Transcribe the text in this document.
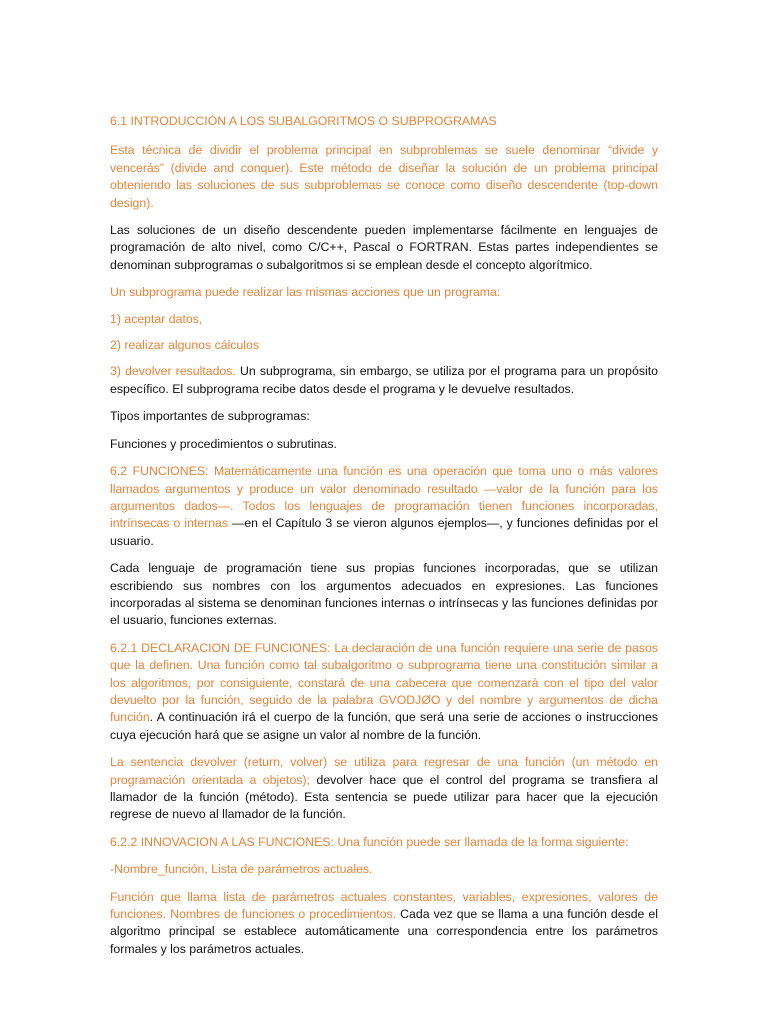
6.1 INTRODUCCIÓN A LOS SUBALGORITMOS O SUBPROGRAMAS

Esta técnica de dividir el problema principal en subproblemas se suele denominar “divide y vencerás” (divide and conquer). Este método de diseñar la solución de un problema principal obteniendo las soluciones de sus subproblemas se conoce como diseño descendente (top-down design).

Las soluciones de un diseño descendente pueden implementarse fácilmente en lenguajes de programación de alto nivel, como C/C++, Pascal o FORTRAN. Estas partes independientes se denominan subprogramas o subalgoritmos si se emplean desde el concepto algorítmico.

Un subprograma puede realizar las mismas acciones que un programa:

1) aceptar datos,

2) realizar algunos cálculos

3) devolver resultados. Un subprograma, sin embargo, se utiliza por el programa para un propósito específico. El subprograma recibe datos desde el programa y le devuelve resultados.

Tipos importantes de subprogramas:

Funciones y procedimientos o subrutinas.

6.2 FUNCIONES: Matemáticamente una función es una operación que toma uno o más valores llamados argumentos y produce un valor denominado resultado —valor de la función para los argumentos dados—. Todos los lenguajes de programación tienen funciones incorporadas, intrínsecas o internas —en el Capítulo 3 se vieron algunos ejemplos—, y funciones definidas por el usuario.

Cada lenguaje de programación tiene sus propias funciones incorporadas, que se utilizan escribiendo sus nombres con los argumentos adecuados en expresiones. Las funciones incorporadas al sistema se denominan funciones internas o intrínsecas y las funciones definidas por el usuario, funciones externas.

6.2.1 DECLARACION DE FUNCIONES: La declaración de una función requiere una serie de pasos que la definen. Una función como tal subalgoritmo o subprograma tiene una constitución similar a los algoritmos, por consiguiente, constará de una cabecera que comenzará con el tipo del valor devuelto por la función, seguido de la palabra GVODJØO y del nombre y argumentos de dicha función. A continuación irá el cuerpo de la función, que será una serie de acciones o instrucciones cuya ejecución hará que se asigne un valor al nombre de la función.

La sentencia devolver (return, volver) se utiliza para regresar de una función (un método en programación orientada a objetos); devolver hace que el control del programa se transfiera al llamador de la función (método). Esta sentencia se puede utilizar para hacer que la ejecución regrese de nuevo al llamador de la función.

6.2.2 INNOVACION A LAS FUNCIONES: Una función puede ser llamada de la forma siguiente:

-Nombre_función, Lista de parámetros actuales.

Función que llama lista de parámetros actuales constantes, variables, expresiones, valores de funciones. Nombres de funciones o procedimientos. Cada vez que se llama a una función desde el algoritmo principal se establece automáticamente una correspondencia entre los parámetros formales y los parámetros actuales.
